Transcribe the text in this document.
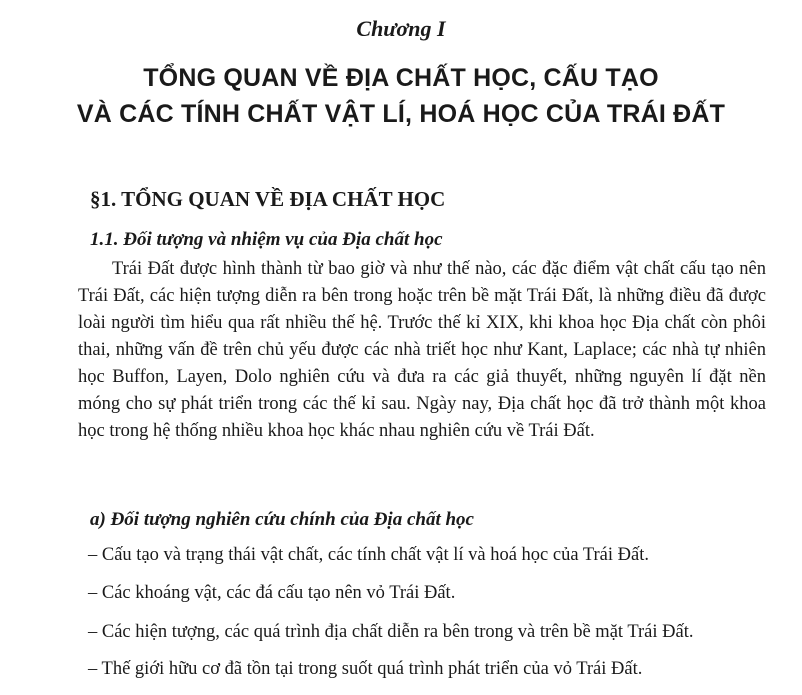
Chương I
TỔNG QUAN VỀ ĐỊA CHẤT HỌC, CẤU TẠO
VÀ CÁC TÍNH CHẤT VẬT LÍ, HOÁ HỌC CỦA TRÁI ĐẤT
§1. TỔNG QUAN VỀ ĐỊA CHẤT HỌC
1.1. Đối tượng và nhiệm vụ của Địa chất học

Trái Đất được hình thành từ bao giờ và như thế nào, các đặc điểm vật chất cấu tạo nên Trái Đất, các hiện tượng diễn ra bên trong hoặc trên bề mặt Trái Đất, là những điều đã được loài người tìm hiểu qua rất nhiều thế hệ. Trước thế kỉ XIX, khi khoa học Địa chất còn phôi thai, những vấn đề trên chủ yếu được các nhà triết học như Kant, Laplace; các nhà tự nhiên học Buffon, Layen, Dolo nghiên cứu và đưa ra các giả thuyết, những nguyên lí đặt nền móng cho sự phát triển trong các thế kỉ sau. Ngày nay, Địa chất học đã trở thành một khoa học trong hệ thống nhiều khoa học khác nhau nghiên cứu về Trái Đất.

a) Đối tượng nghiên cứu chính của Địa chất học
– Cấu tạo và trạng thái vật chất, các tính chất vật lí và hoá học của Trái Đất.
– Các khoáng vật, các đá cấu tạo nên vỏ Trái Đất.
– Các hiện tượng, các quá trình địa chất diễn ra bên trong và trên bề mặt Trái Đất.
– Thế giới hữu cơ đã tồn tại trong suốt quá trình phát triển của vỏ Trái Đất.
